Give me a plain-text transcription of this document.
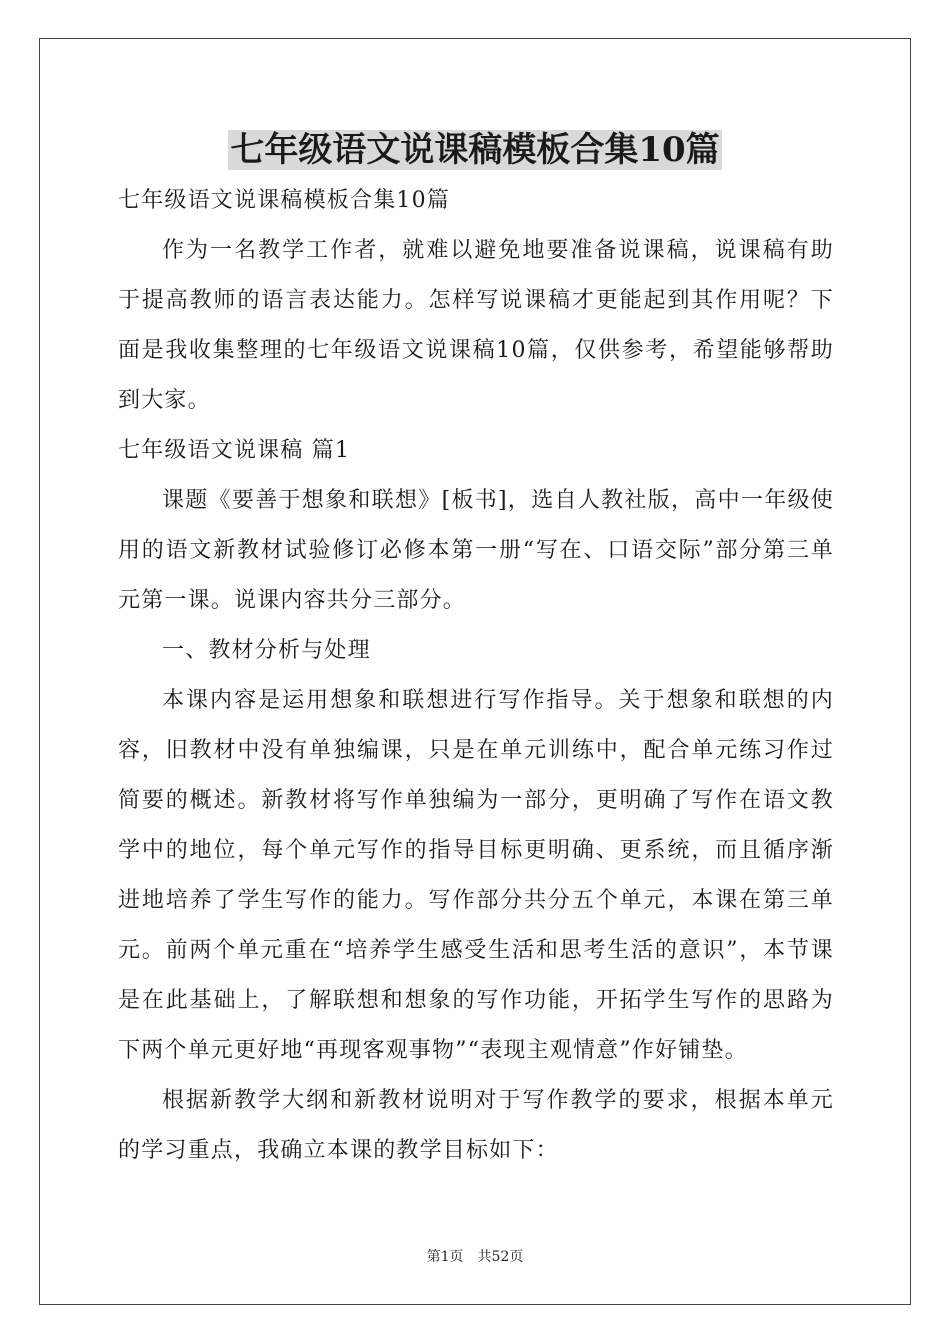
七年级语文说课稿模板合集10篇

七年级语文说课稿模板合集10篇

作为一名教学工作者，就难以避免地要准备说课稿，说课稿有助于提高教师的语言表达能力。怎样写说课稿才更能起到其作用呢？下面是我收集整理的七年级语文说课稿10篇，仅供参考，希望能够帮助到大家。

七年级语文说课稿 篇1

课题《要善于想象和联想》[板书]，选自人教社版，高中一年级使用的语文新教材试验修订必修本第一册“写在、口语交际”部分第三单元第一课。说课内容共分三部分。

一、教材分析与处理

本课内容是运用想象和联想进行写作指导。关于想象和联想的内容，旧教材中没有单独编课，只是在单元训练中，配合单元练习作过简要的概述。新教材将写作单独编为一部分，更明确了写作在语文教学中的地位，每个单元写作的指导目标更明确、更系统，而且循序渐进地培养了学生写作的能力。写作部分共分五个单元，本课在第三单元。前两个单元重在“培养学生感受生活和思考生活的意识”，本节课是在此基础上，了解联想和想象的写作功能，开拓学生写作的思路为下两个单元更好地“再现客观事物”“表现主观情意”作好铺垫。

根据新教学大纲和新教材说明对于写作教学的要求，根据本单元的学习重点，我确立本课的教学目标如下：

第1页　共52页
